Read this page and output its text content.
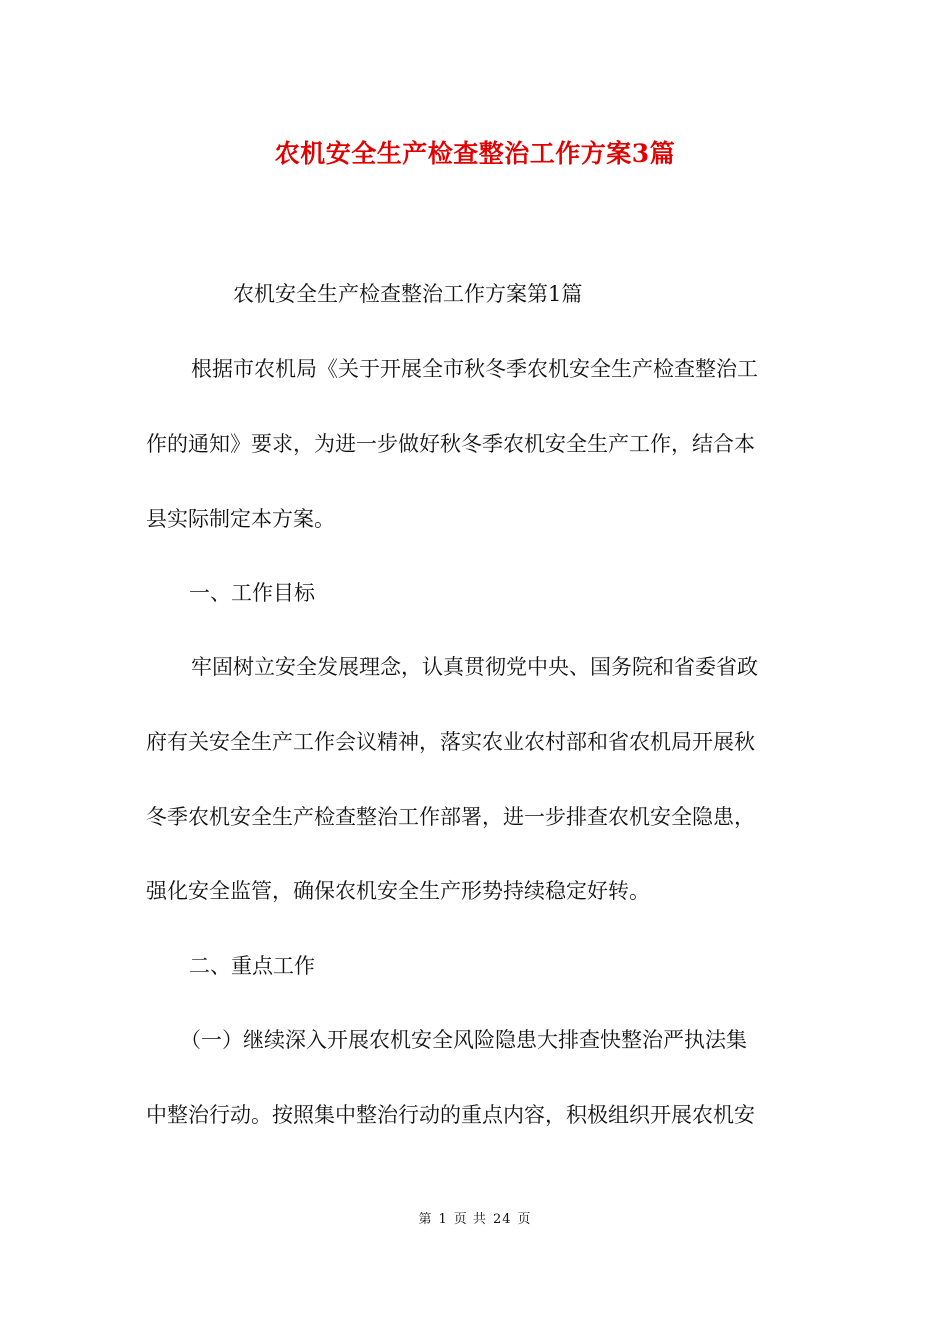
农机安全生产检查整治工作方案3篇
农机安全生产检查整治工作方案第1篇
根据市农机局《关于开展全市秋冬季农机安全生产检查整治工
作的通知》要求，为进一步做好秋冬季农机安全生产工作，结合本
县实际制定本方案。
一、工作目标
牢固树立安全发展理念，认真贯彻党中央、国务院和省委省政
府有关安全生产工作会议精神，落实农业农村部和省农机局开展秋
冬季农机安全生产检查整治工作部署，进一步排查农机安全隐患，
强化安全监管，确保农机安全生产形势持续稳定好转。
二、重点工作
（一）继续深入开展农机安全风险隐患大排查快整治严执法集
中整治行动。按照集中整治行动的重点内容，积极组织开展农机安
第 1 页 共 24 页
